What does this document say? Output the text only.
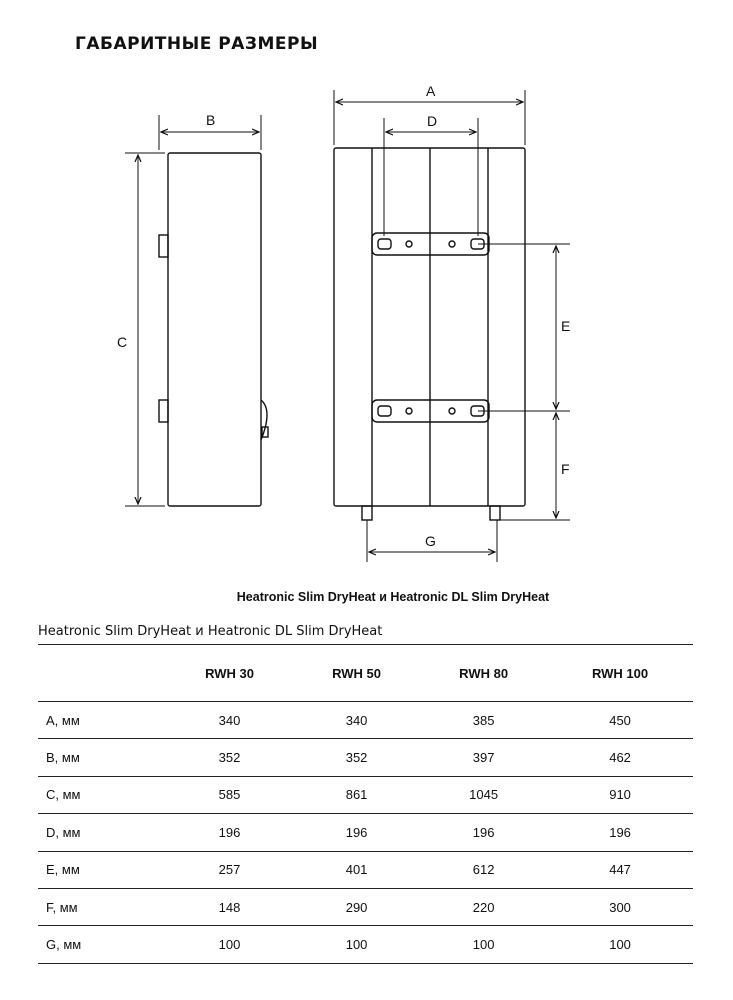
ГАБАРИТНЫЕ РАЗМЕРЫ
B
C
A
D
E
F
G
Heatronic Slim DryHeat и Heatronic DL Slim DryHeat
Heatronic Slim DryHeat и Heatronic DL Slim DryHeat
	RWH 30	RWH 50	RWH 80	RWH 100
A, мм	340	340	385	450
B, мм	352	352	397	462
C, мм	585	861	1045	910
D, мм	196	196	196	196
E, мм	257	401	612	447
F, мм	148	290	220	300
G, мм	100	100	100	100
